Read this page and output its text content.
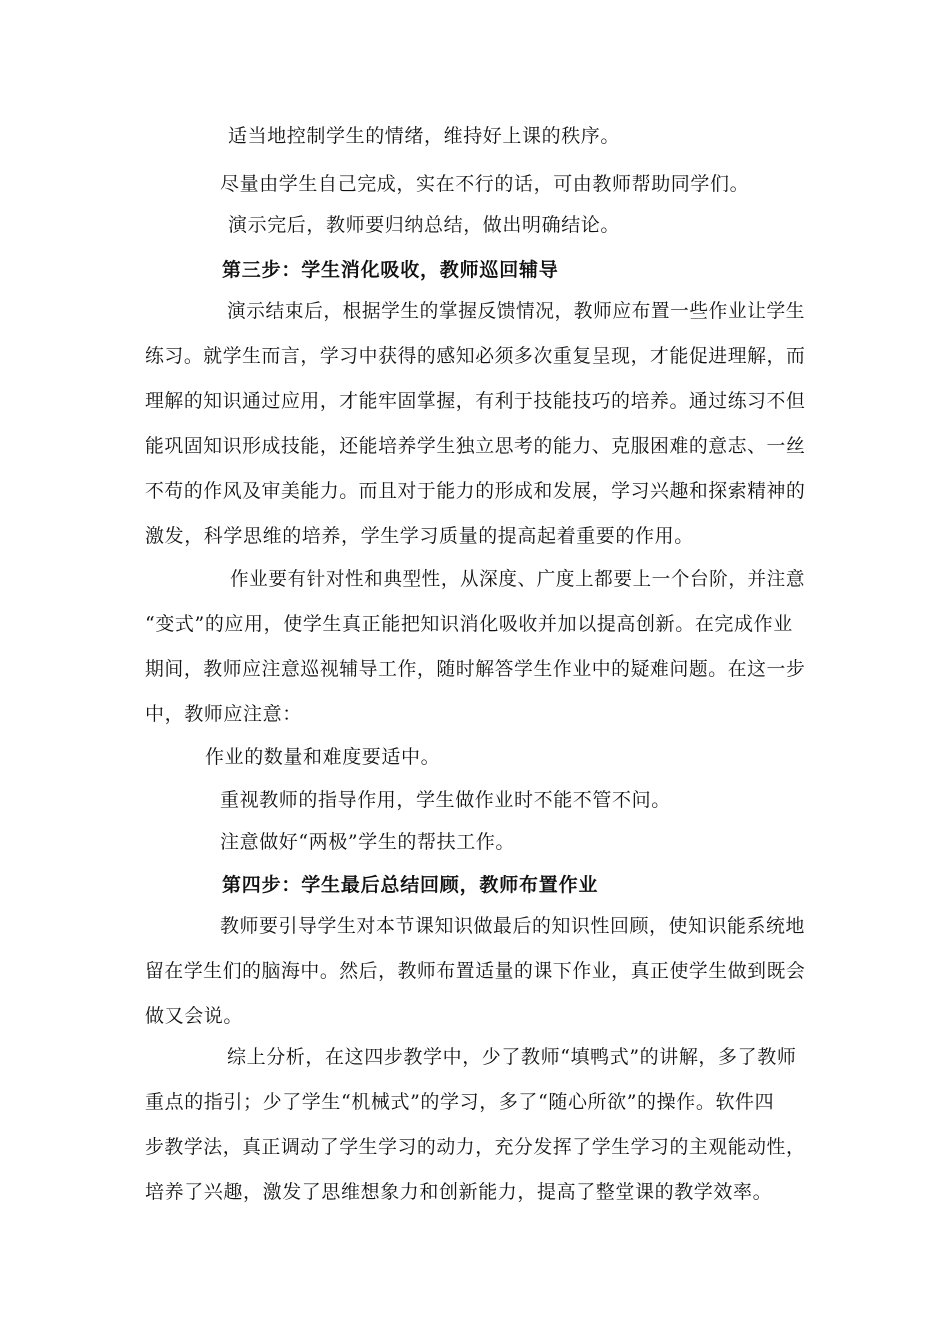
适当地控制学生的情绪，维持好上课的秩序。
尽量由学生自己完成，实在不行的话，可由教师帮助同学们。
演示完后，教师要归纳总结，做出明确结论。
第三步：学生消化吸收，教师巡回辅导
演示结束后，根据学生的掌握反馈情况，教师应布置一些作业让学生
练习。就学生而言，学习中获得的感知必须多次重复呈现，才能促进理解，而
理解的知识通过应用，才能牢固掌握，有利于技能技巧的培养。通过练习不但
能巩固知识形成技能，还能培养学生独立思考的能力、克服困难的意志、一丝
不苟的作风及审美能力。而且对于能力的形成和发展，学习兴趣和探索精神的
激发，科学思维的培养，学生学习质量的提高起着重要的作用。
作业要有针对性和典型性，从深度、广度上都要上一个台阶，并注意
“变式”的应用，使学生真正能把知识消化吸收并加以提高创新。在完成作业
期间，教师应注意巡视辅导工作，随时解答学生作业中的疑难问题。在这一步
中，教师应注意：
作业的数量和难度要适中。
重视教师的指导作用，学生做作业时不能不管不问。
注意做好“两极”学生的帮扶工作。
第四步：学生最后总结回顾，教师布置作业
教师要引导学生对本节课知识做最后的知识性回顾，使知识能系统地
留在学生们的脑海中。然后，教师布置适量的课下作业，真正使学生做到既会
做又会说。
综上分析，在这四步教学中，少了教师“填鸭式”的讲解，多了教师
重点的指引；少了学生“机械式”的学习，多了“随心所欲”的操作。软件四
步教学法，真正调动了学生学习的动力，充分发挥了学生学习的主观能动性，
培养了兴趣，激发了思维想象力和创新能力，提高了整堂课的教学效率。
